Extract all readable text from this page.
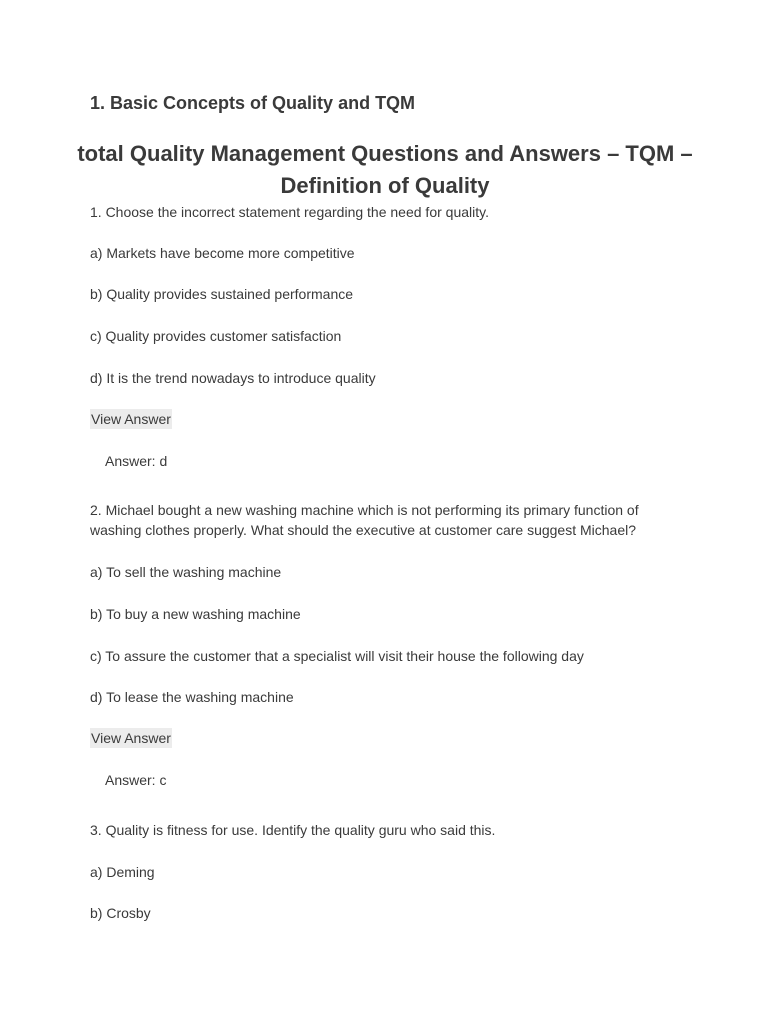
1. Basic Concepts of Quality and TQM
total Quality Management Questions and Answers – TQM – Definition of Quality

1. Choose the incorrect statement regarding the need for quality.

a) Markets have become more competitive

b) Quality provides sustained performance

c) Quality provides customer satisfaction

d) It is the trend nowadays to introduce quality

View Answer
Answer: d

2. Michael bought a new washing machine which is not performing its primary function of washing clothes properly. What should the executive at customer care suggest Michael?

a) To sell the washing machine

b) To buy a new washing machine

c) To assure the customer that a specialist will visit their house the following day

d) To lease the washing machine

View Answer
Answer: c

3. Quality is fitness for use. Identify the quality guru who said this.

a) Deming

b) Crosby
